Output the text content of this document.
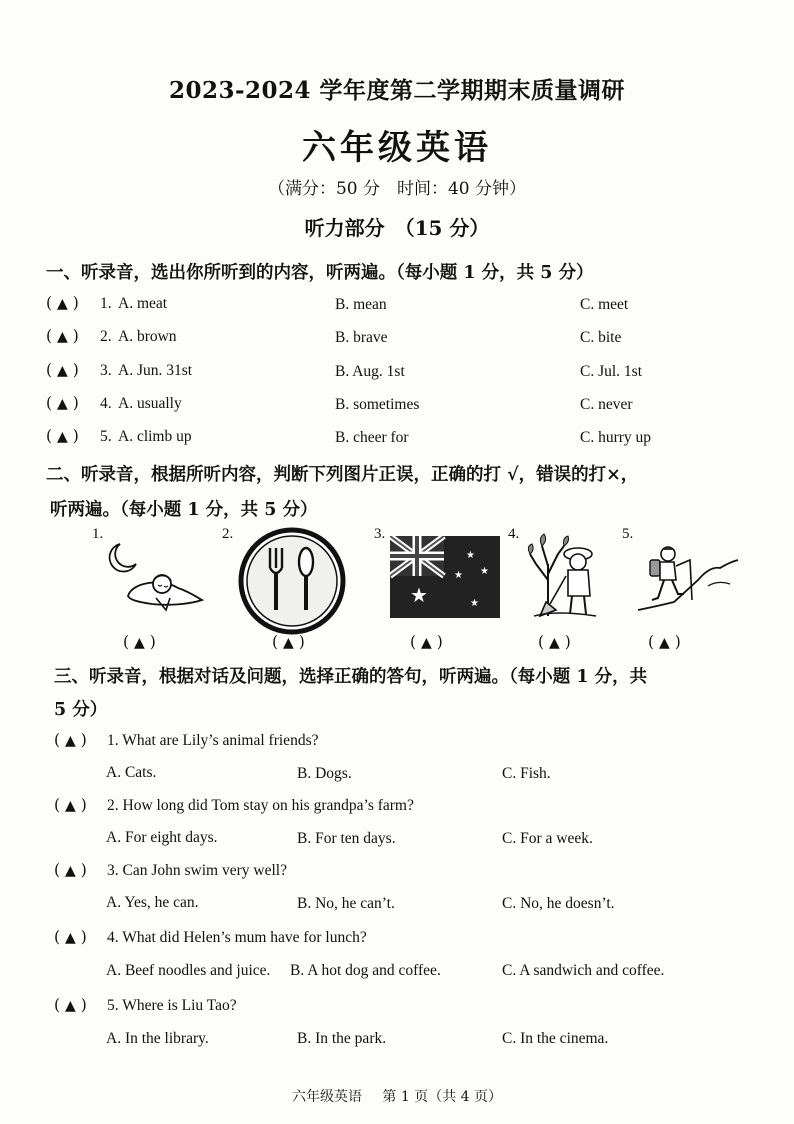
2023-2024 学年度第二学期期末质量调研
六年级英语
（满分：50 分　时间：40 分钟）
听力部分　（15 分）
一、听录音，选出你所听到的内容，听两遍。（每小题 1 分，共 5 分）
( ▲ ) 1. A. meat	B. mean	C. meet
( ▲ ) 2. A. brown	B. brave	C. bite
( ▲ ) 3. A. Jun. 31st	B. Aug. 1st	C. Jul. 1st
( ▲ ) 4. A. usually	B. sometimes	C. never
( ▲ ) 5. A. climb up	B. cheer for	C. hurry up
二、听录音，根据所听内容，判断下列图片正误，正确的打 √，错误的打×，
听两遍。（每小题 1 分，共 5 分）
1.
( ▲ )
2.
( ▲ )
3.
★
★
★ ★
★
( ▲ )
4.
( ▲ )
5.
( ▲ )
三、听录音，根据对话及问题，选择正确的答句，听两遍。（每小题 1 分，共
5 分）
( ▲ ) 1. What are Lily’s animal friends?
A. Cats.	B. Dogs.	C. Fish.
( ▲ ) 2. How long did Tom stay on his grandpa’s farm?
A. For eight days.	B. For ten days.	C. For a week.
( ▲ ) 3. Can John swim very well?
A. Yes, he can.	B. No, he can’t.	C. No, he doesn’t.
( ▲ ) 4. What did Helen’s mum have for lunch?
A. Beef noodles and juice. B. A hot dog and coffee.	C. A sandwich and coffee.
( ▲ ) 5. Where is Liu Tao?
A. In the library.	B. In the park.	C. In the cinema.
六年级英语 第 1 页（共 4 页）
